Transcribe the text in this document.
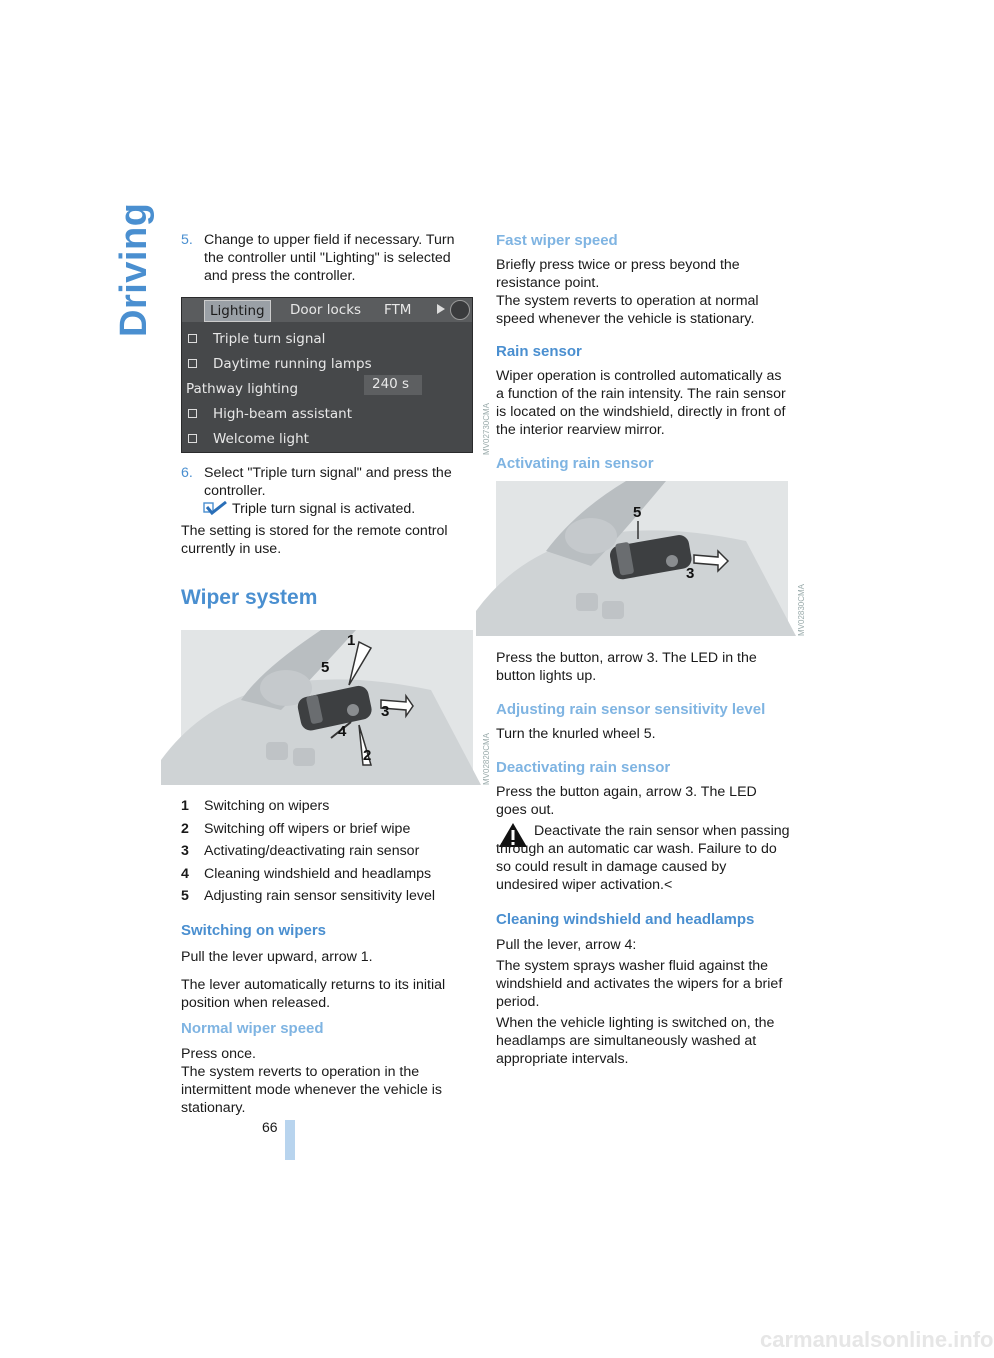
Driving
66
5. Change to upper field if necessary. Turn the controller until "Lighting" is selected and press the controller.
Lighting	Door locks FTM
Triple turn signal
Daytime running lamps
Pathway lighting	240 s
High-beam assistant
Welcome light	MV02730CMA
6. Select "Triple turn signal" and press the controller.
Triple turn signal is activated.
The setting is stored for the remote control currently in use.
Wiper system
5
1
3
4
2	MV02820CMA
1 Switching on wipers
2 Switching off wipers or brief wipe
3 Activating/deactivating rain sensor
4 Cleaning windshield and headlamps
5 Adjusting rain sensor sensitivity level
Switching on wipers
Pull the lever upward, arrow 1.
The lever automatically returns to its initial position when released.
Normal wiper speed
Press once.
The system reverts to operation in the intermittent mode whenever the vehicle is stationary.
Fast wiper speed
Briefly press twice or press beyond the resistance point.
The system reverts to operation at normal speed whenever the vehicle is stationary.
Rain sensor
Wiper operation is controlled automatically as a function of the rain intensity. The rain sensor is located on the windshield, directly in front of the interior rearview mirror.
Activating rain sensor
5
3
MV02830CMA
Press the button, arrow 3. The LED in the button lights up.
Adjusting rain sensor sensitivity level
Turn the knurled wheel 5.
Deactivating rain sensor
Press the button again, arrow 3. The LED goes out.
Deactivate the rain sensor when passing through an automatic car wash. Failure to do so could result in damage caused by undesired wiper activation.<
Cleaning windshield and headlamps
Pull the lever, arrow 4:
The system sprays washer fluid against the windshield and activates the wipers for a brief period.
When the vehicle lighting is switched on, the headlamps are simultaneously washed at appropriate intervals.
carmanualsonline.info
